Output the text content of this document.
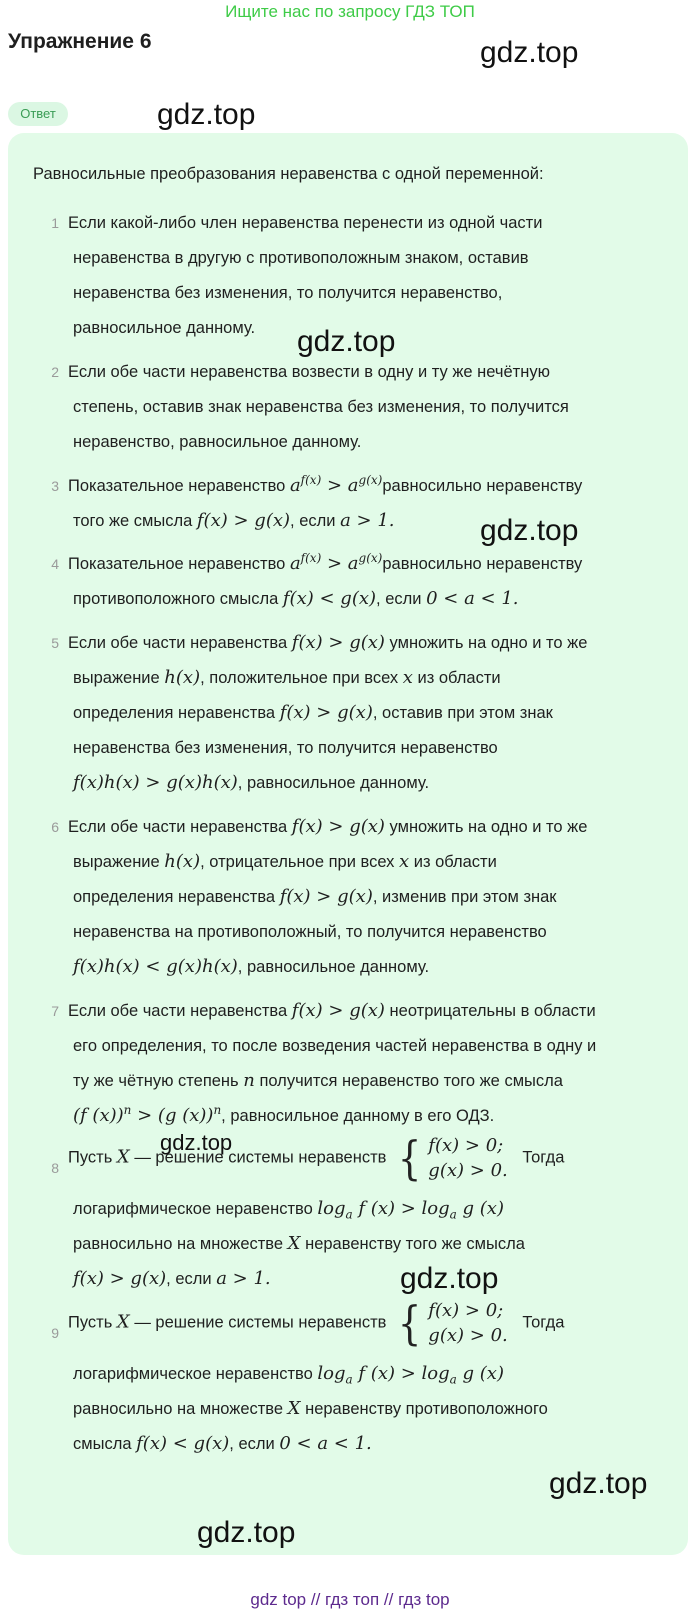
Ищите нас по запросу ГДЗ ТОП
Упражнение 6
Ответ
Равносильные преобразования неравенства с одной переменной:
1 Если какой-либо член неравенства перенести из одной части
неравенства в другую с противоположным знаком, оставив
неравенства без изменения, то получится неравенство,
равносильное данному.
2 Если обе части неравенства возвести в одну и ту же нечётную
степень, оставив знак неравенства без изменения, то получится
неравенство, равносильное данному.
3 Показательное неравенство $a^{f(x)}$ > $a^{g(x)}равносильно$ неравенству
того же смысла f(x) > g(x), если a > 1.
4 Показательное неравенство $a^{f(x)}$ > $a^{g(x)}равносильно$ неравенству
противоположного смысла f(x) < g(x), если 0 < a < 1.
5 Если обе части неравенства f(x) > g(x) умножить на одно и то же
выражение h(x), положительное при всех x из области
определения неравенства f(x) > g(x), оставив при этом знак
неравенства без изменения, то получится неравенство
f(x)h(x) > g(x)h(x), равносильное данному.
6 Если обе части неравенства f(x) > g(x) умножить на одно и то же
выражение h(x), отрицательное при всех x из области
определения неравенства f(x) > g(x), изменив при этом знак
неравенства на противоположный, то получится неравенство
f(x)h(x) < g(x)h(x), равносильное данному.
7 Если обе части неравенства f(x) > g(x) неотрицательны в области
его определения, то после возведения частей неравенства в одну и
ту же чётную степень n получится неравенство того же смысла
(f (x))$^n$ > (g (x))$^n$, равносильное данному в его ОДЗ.
8
Пусть X — решение системы неравенств { f(x) > 0;
g(x) > 0. Тогда
логарифмическое неравенство $\log_a f$ $(x) > \log_a g$ (x)
равносильно на множестве X неравенству того же смысла
f(x) > g(x), если a > 1.
9
Пусть X — решение системы неравенств { f(x) > 0;
g(x) > 0. Тогда
логарифмическое неравенство $\log_a f$ $(x) > \log_a g$ (x)
равносильно на множестве X неравенству противоположного
смысла f(x) < g(x), если 0 < a < 1.
gdz.top
gdz.top
gdz.top
gdz.top
gdz.top
gdz.top
gdz.top
gdz.top
gdz top // гдз топ // гдз top
